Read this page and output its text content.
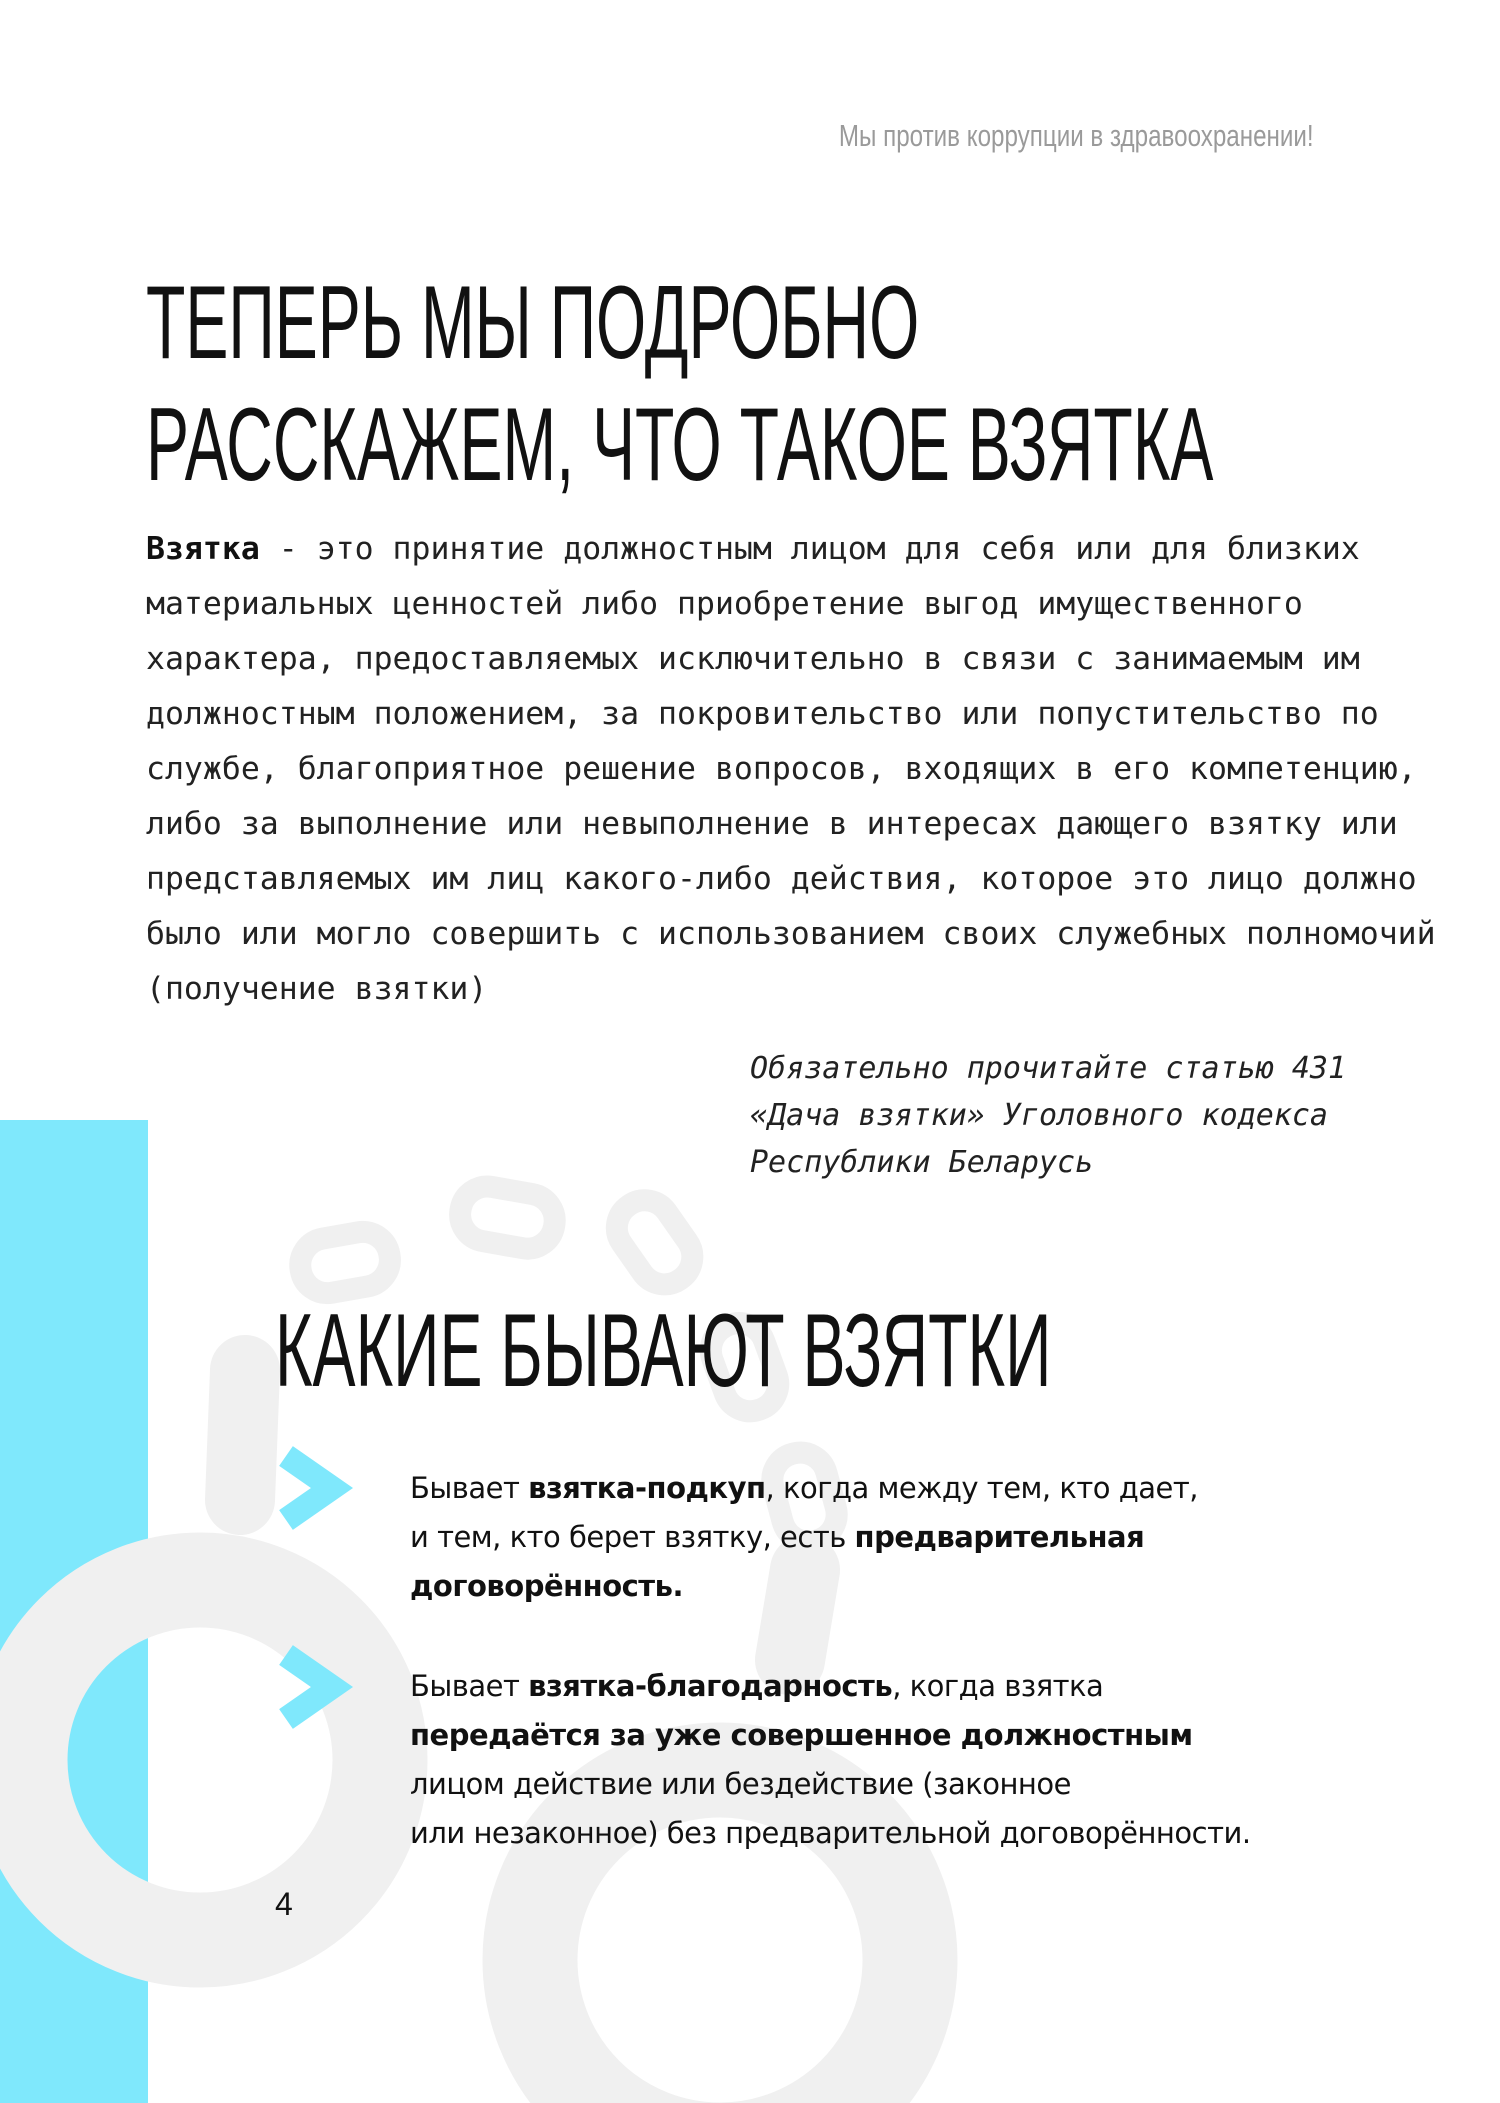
Мы против коррупции в здравоохранении!
ТЕПЕРЬ МЫ ПОДРОБНО
РАССКАЖЕМ, ЧТО ТАКОЕ ВЗЯТКА

Взятка - это принятие должностным лицом для себя или для близких материальных ценностей либо приобретение выгод имущественного характера, предоставляемых исключительно в связи с занимаемым им должностным положением, за покровительство или попустительство по службе, благоприятное решение вопросов, входящих в его компетенцию, либо за выполнение или невыполнение в интересах дающего взятку или представляемых им лиц какого-либо действия, которое это лицо должно было или могло совершить с использованием своих служебных полномочий (получение взятки)

Обязательно прочитайте статью 431
«Дача взятки» Уголовного кодекса
Республики Беларусь
КАКИЕ БЫВАЮТ ВЗЯТКИ
Бывает взятка-подкуп, когда между тем, кто дает,
и тем, кто берет взятку, есть предварительная
договорённость.
Бывает взятка-благодарность, когда взятка
передаётся за уже совершенное должностным
лицом действие или бездействие (законное
или незаконное) без предварительной договорённости.
4
